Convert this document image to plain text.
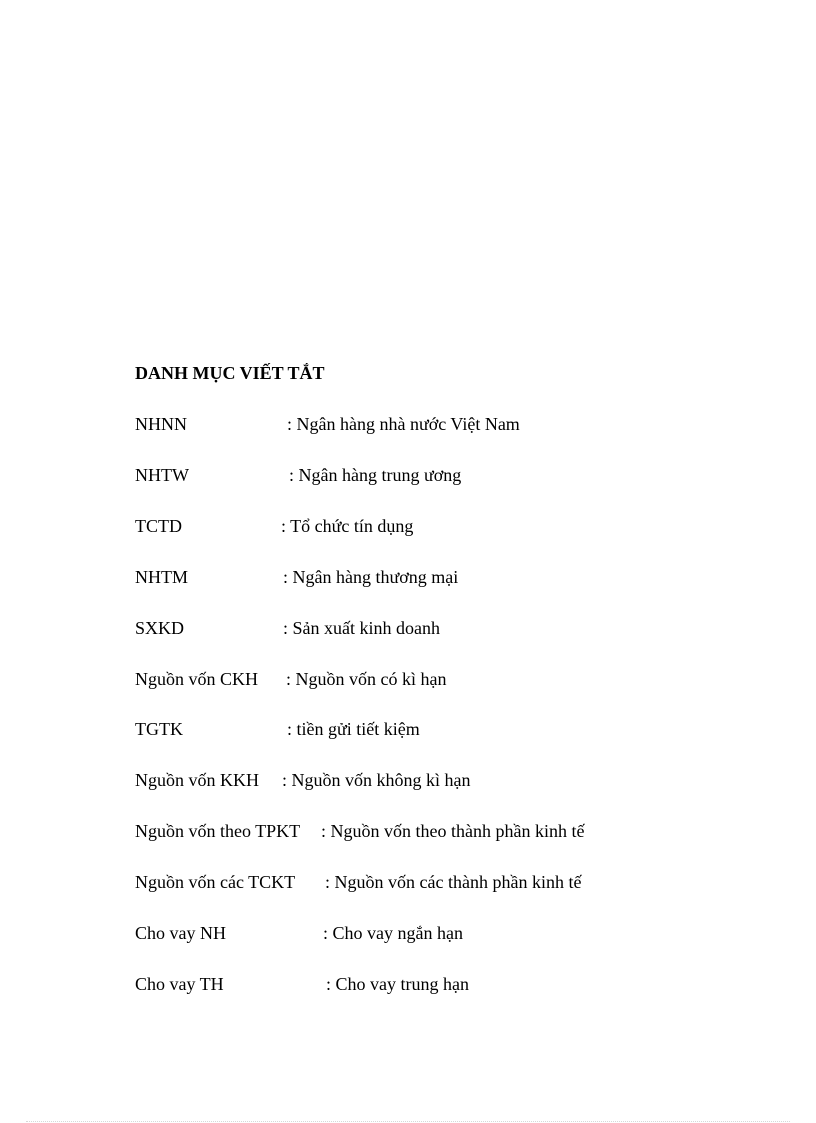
DANH MỤC VIẾT TẮT
NHNN	: Ngân hàng nhà nước Việt Nam
NHTW	: Ngân hàng trung ương
TCTD	: Tổ chức tín dụng
NHTM	: Ngân hàng thương mại
SXKD	: Sản xuất kinh doanh
Nguồn vốn CKH : Nguồn vốn có kì hạn
TGTK	: tiền gửi tiết kiệm
Nguồn vốn KKH : Nguồn vốn không kì hạn
Nguồn vốn theo TPKT : Nguồn vốn theo thành phần kinh tế
Nguồn vốn các TCKT : Nguồn vốn các thành phần kinh tế
Cho vay NH	: Cho vay ngắn hạn
Cho vay TH	: Cho vay trung hạn
